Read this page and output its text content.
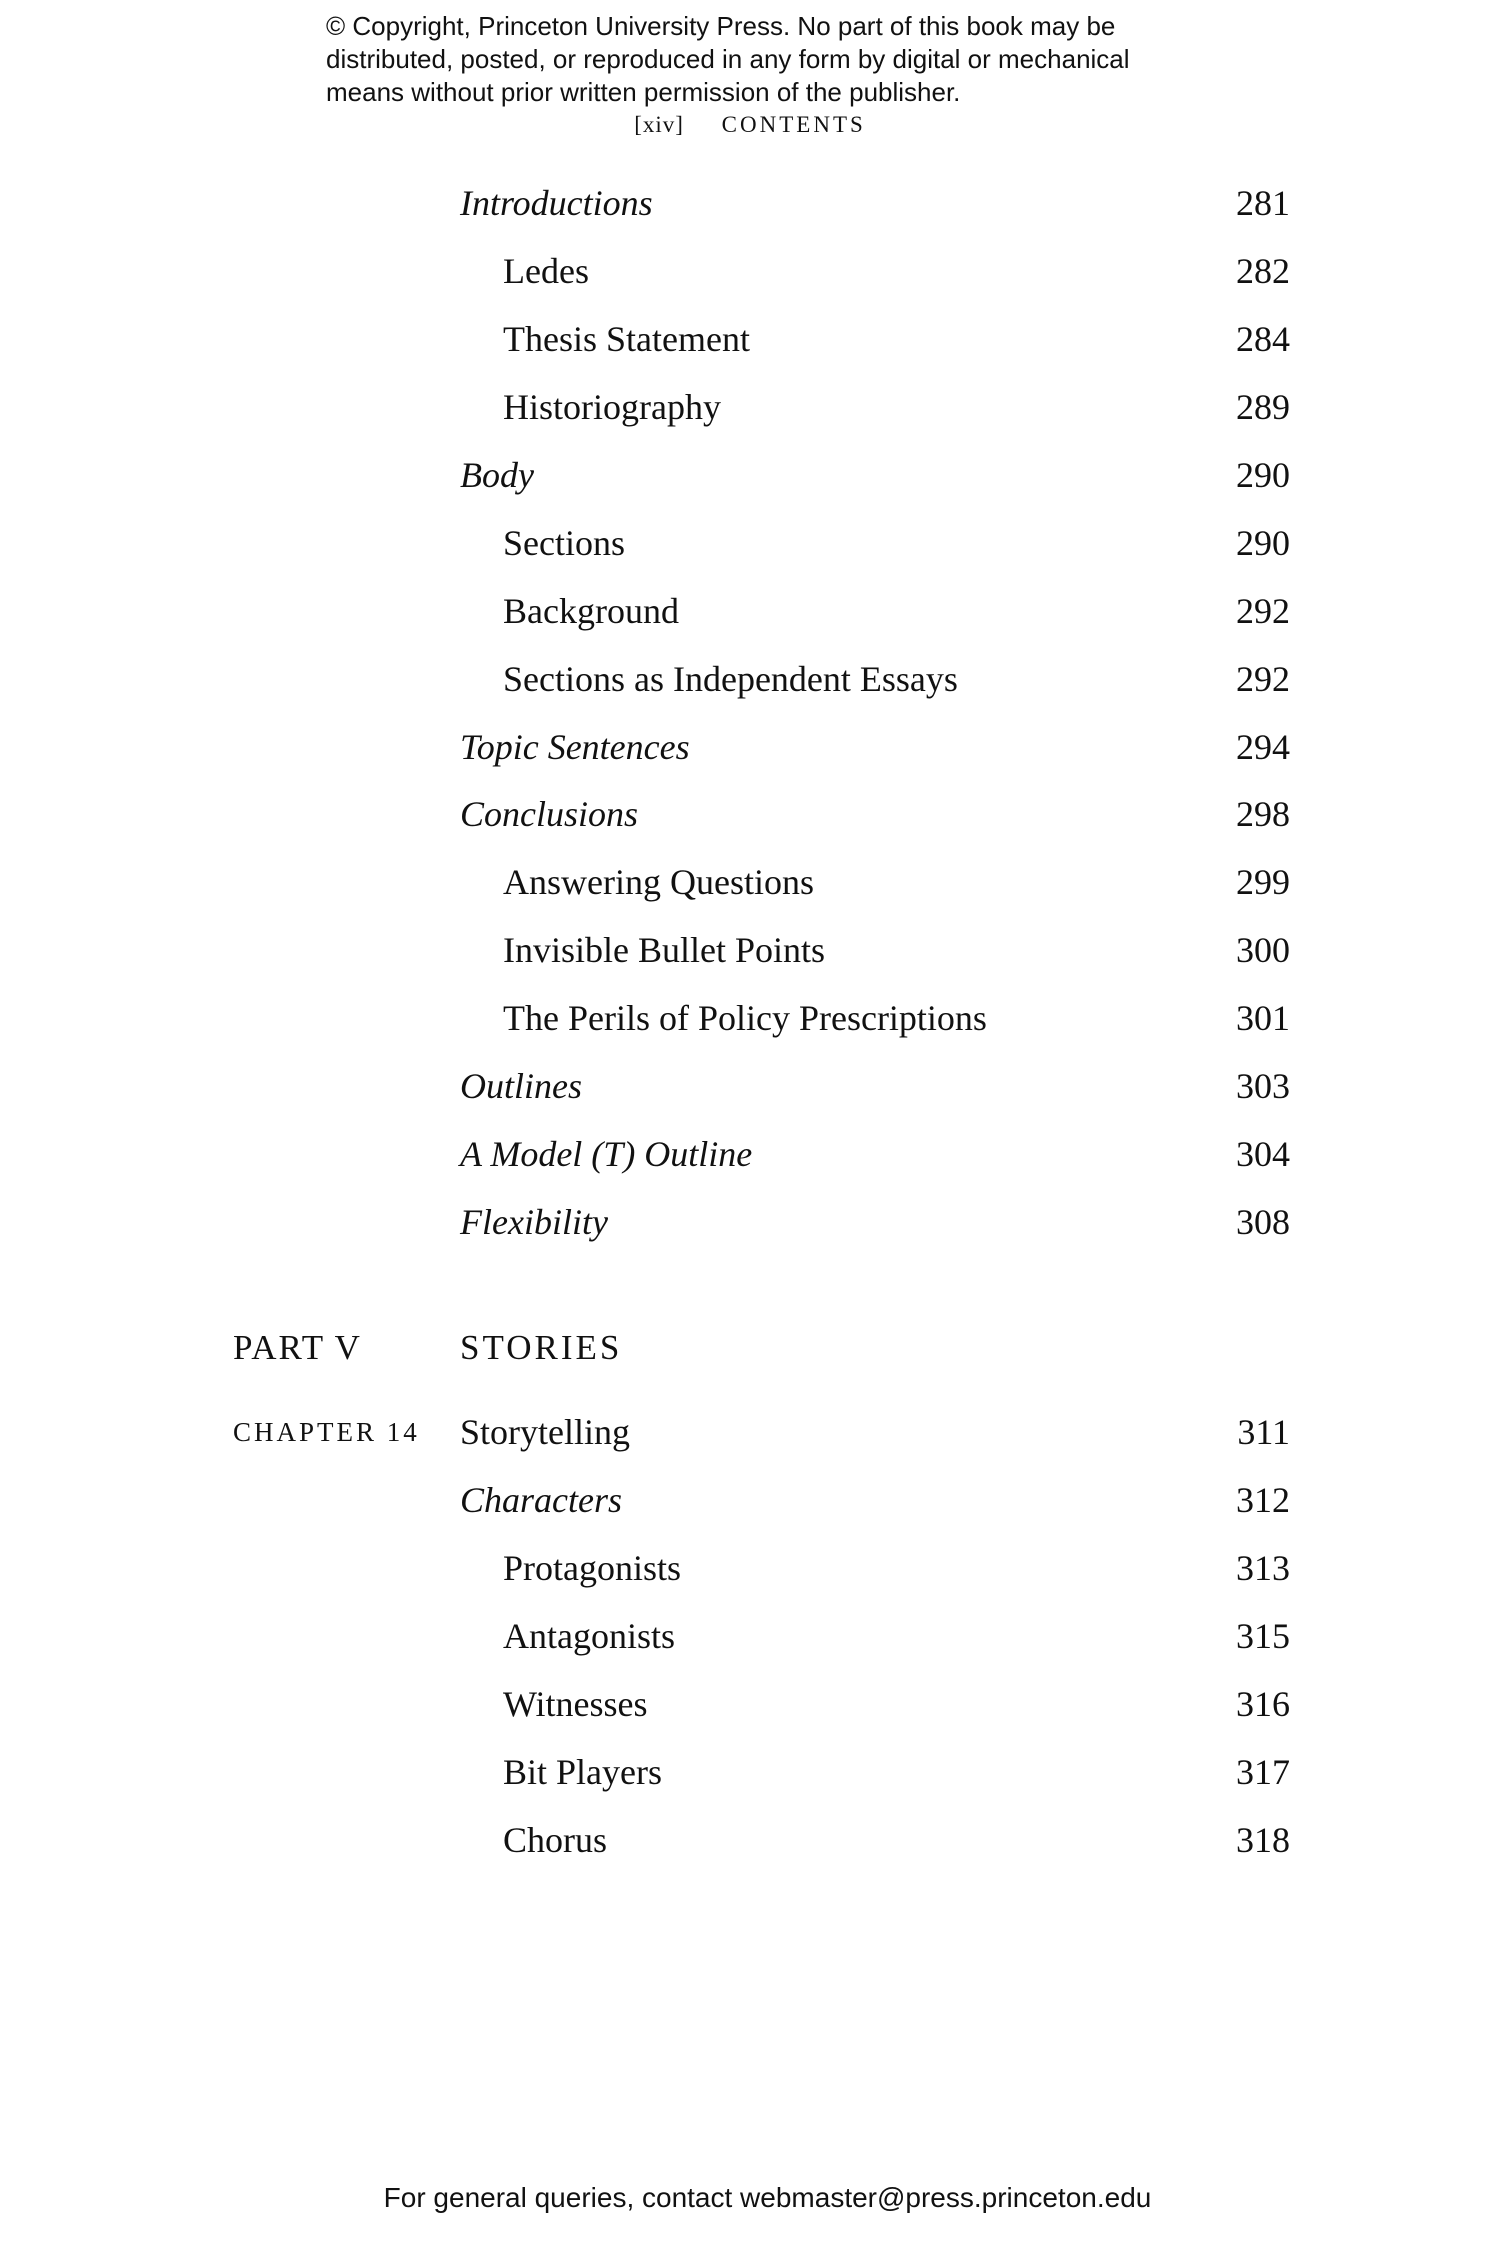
© Copyright, Princeton University Press. No part of this book may be
distributed, posted, or reproduced in any form by digital or mechanical
means without prior written permission of the publisher.
[xiv] CONTENTS
Introductions	281
Ledes	282
Thesis Statement	284
Historiography	289
Body	290
Sections	290
Background	292
Sections as Independent Essays	292
Topic Sentences	294
Conclusions	298
Answering Questions	299
Invisible Bullet Points	300
The Perils of Policy Prescriptions	301
Outlines	303
A Model (T) Outline	304
Flexibility	308
PART V	STORIES
CHAPTER 14 Storytelling	311
Characters	312
Protagonists	313
Antagonists	315
Witnesses	316
Bit Players	317
Chorus	318
For general queries, contact webmaster@press.princeton.edu
